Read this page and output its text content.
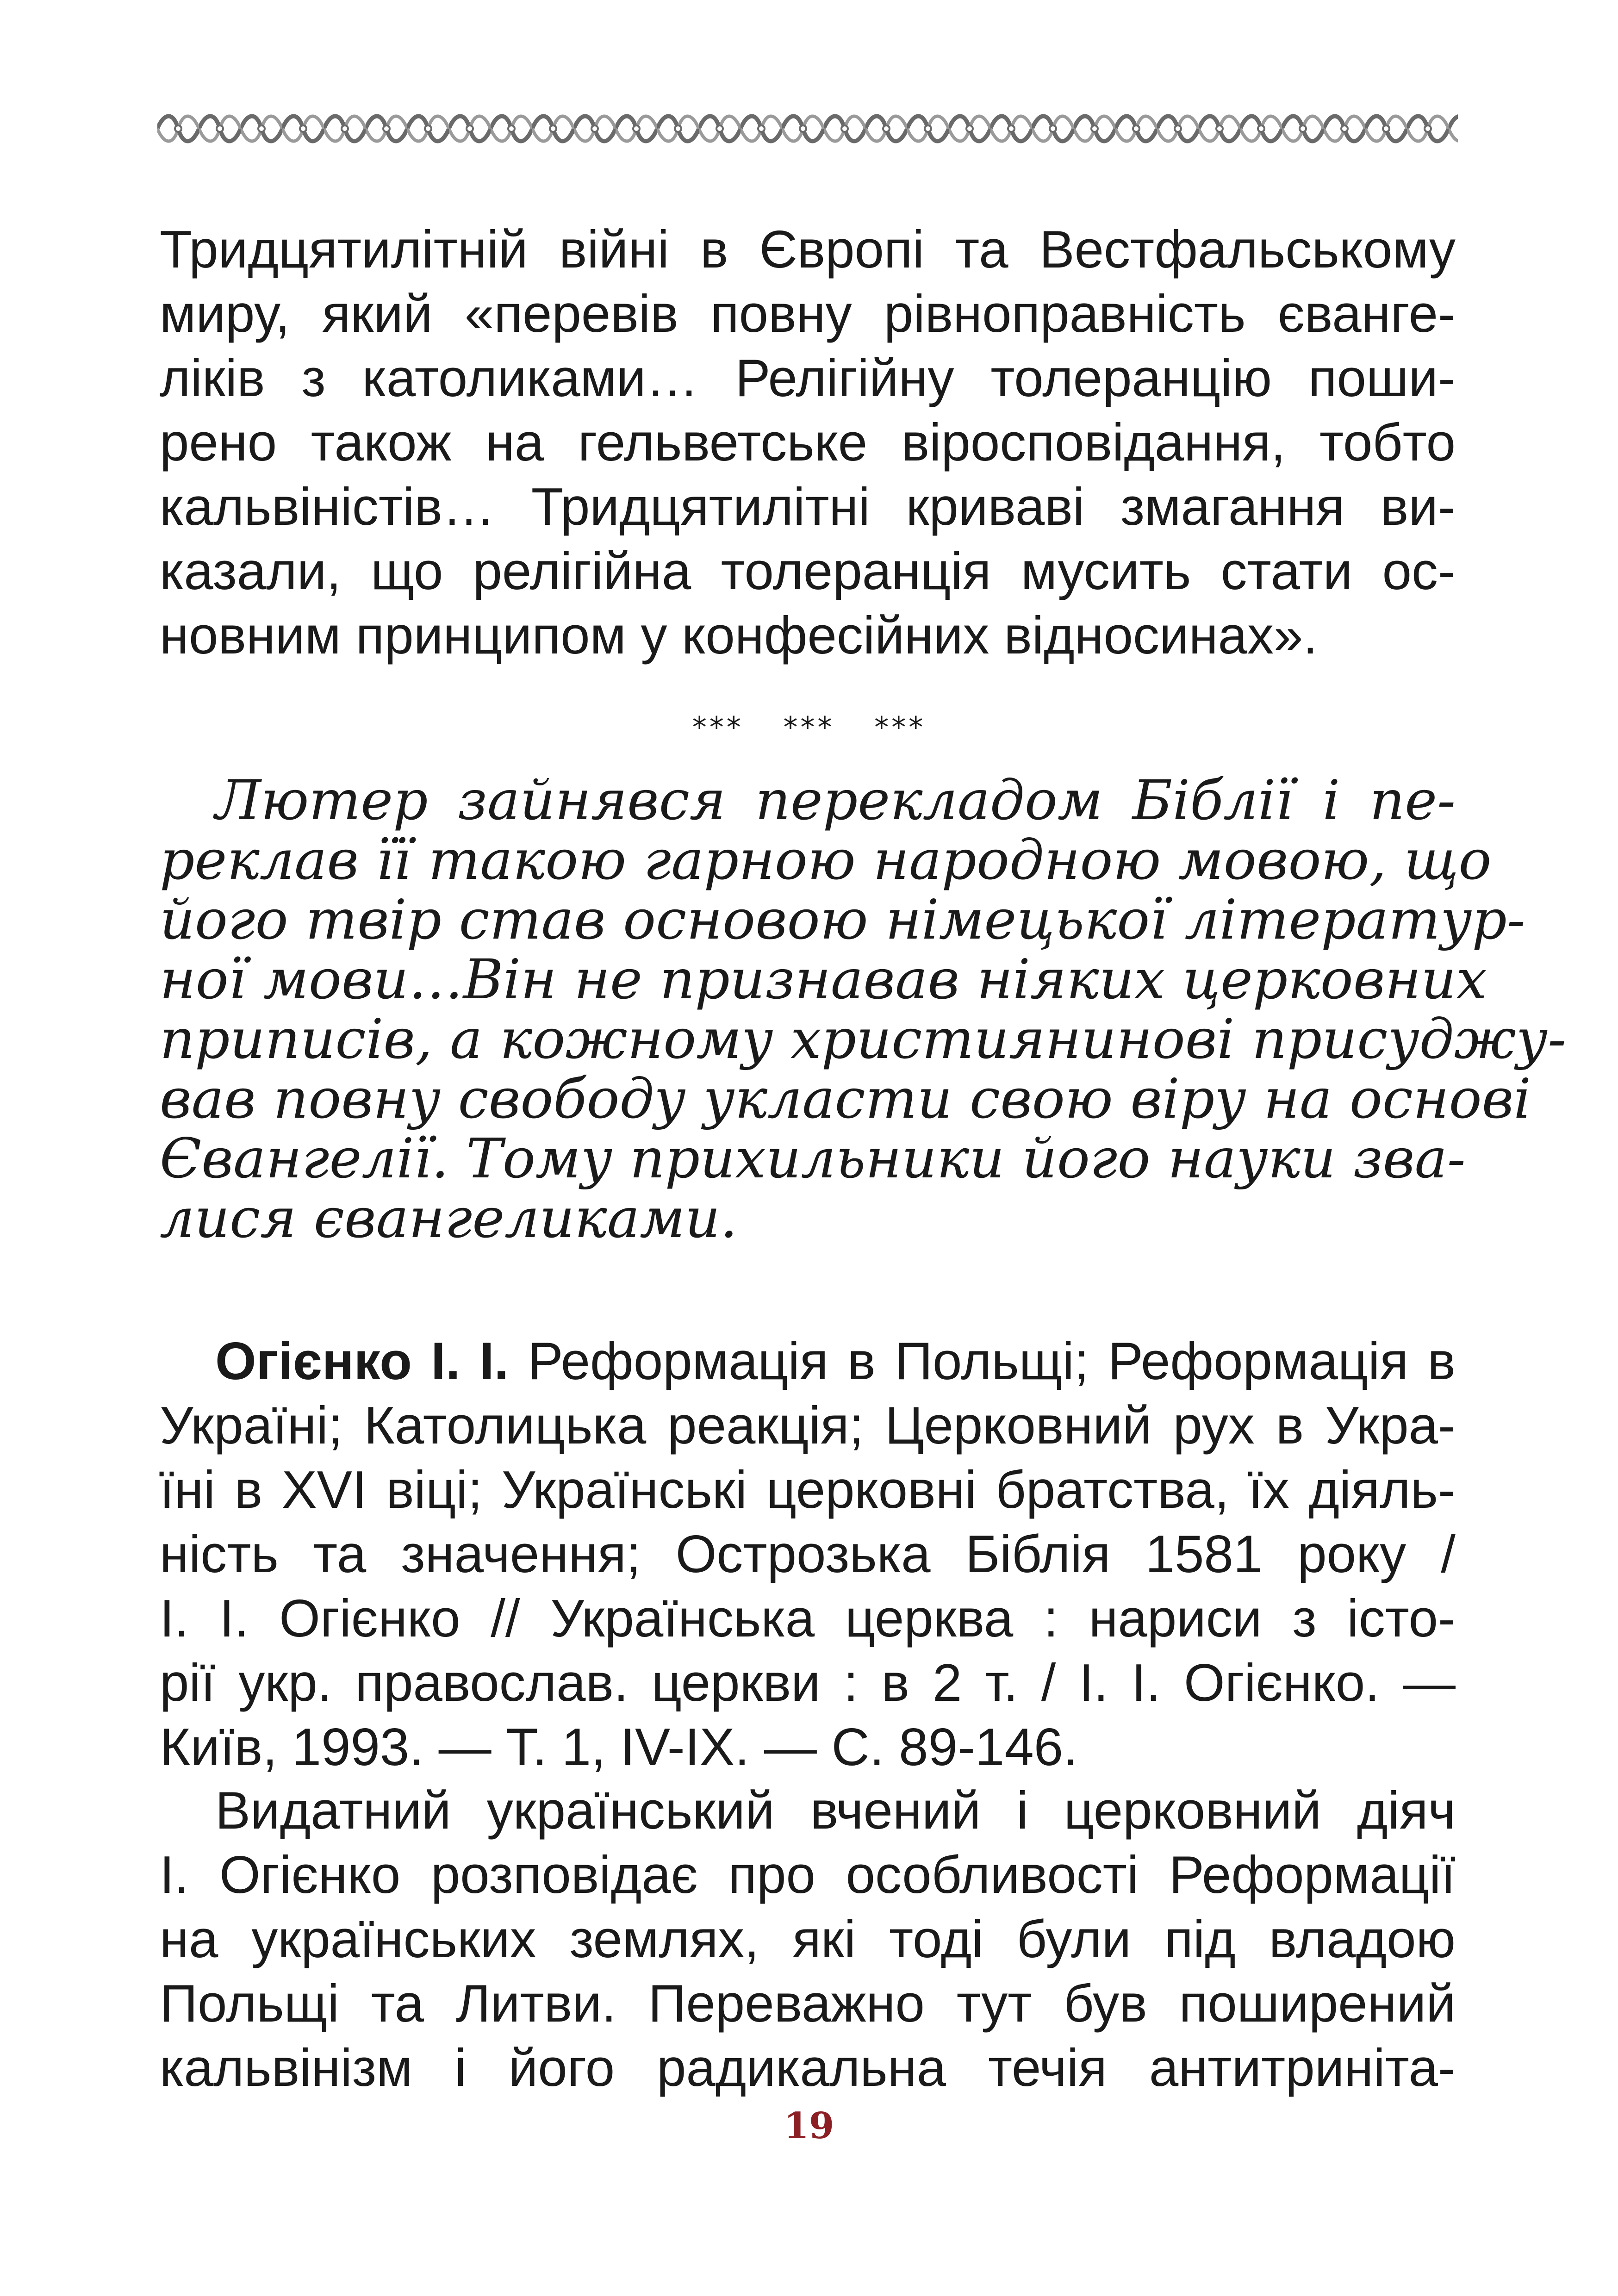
Тридцятилітній війні в Європі та Вестфальському
миру, який «перевів повну рівноправність єванге-
ліків з католиками… Релігійну толеранцію поши-
рено також на гельветське віросповідання, тобто
кальвіністів… Тридцятилітні криваві змагання ви-
казали, що релігійна толеранція мусить стати ос-
новним принципом у конфесійних відносинах».
*** *** ***
Лютер зайнявся перекладом Біблії і пе-
реклав її такою гарною народною мовою, що
його твір став основою німецької літератур-
ної мови…Він не признавав ніяких церковних
приписів, а кожному християнинові присуджу-
вав повну свободу укласти свою віру на основі
Євангелії. Тому прихильники його науки зва-
лися євангеликами.
Огієнко І. І. Реформація в Польщі; Реформація в
Україні; Католицька реакція; Церковний рух в Укра-
їні в XVI віці; Українські церковні братства, їх діяль-
ність та значення; Острозька Біблія 1581 року /
І. І. Огієнко // Українська церква : нариси з істо-
рії укр. православ. церкви : в 2 т. / І. І. Огієнко. —
Київ, 1993. — Т. 1, IV-IX. — С. 89-146.
Видатний український вчений і церковний діяч
І. Огієнко розповідає про особливості Реформації
на українських землях, які тоді були під владою
Польщі та Литви. Переважно тут був поширений
кальвінізм і його радикальна течія антитриніта-
19
